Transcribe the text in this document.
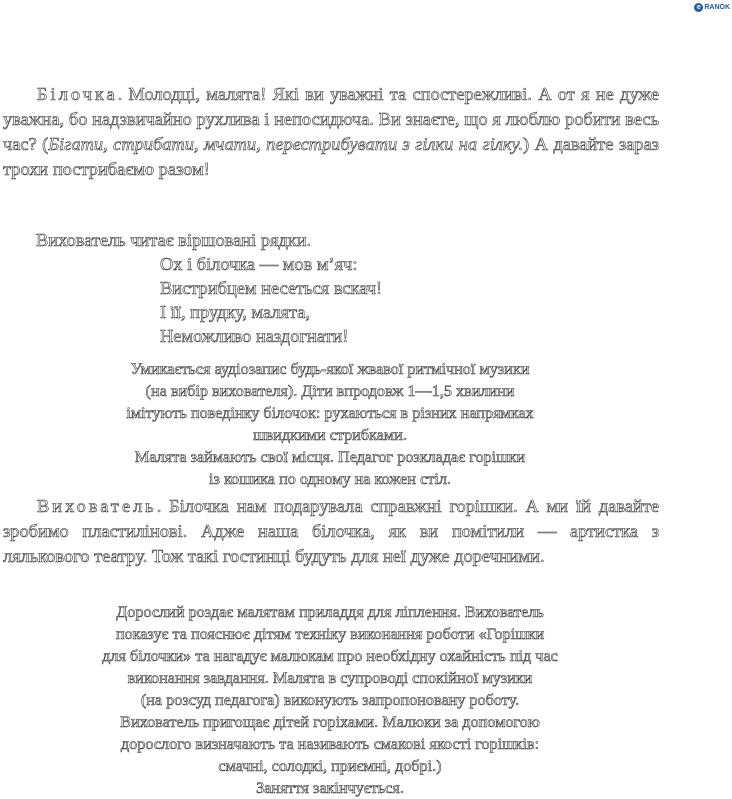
e RANOK
Білочка. Молодці, малята! Які ви уважні та спостережливі. А от я не дуже уважна, бо надзвичайно рухлива і непосидюча. Ви знаєте, що я люблю робити весь час? (Бігати, стрибати, мчати, перестрибувати з гілки на гілку.) А давайте зараз трохи пострибаємо разом!
Вихователь читає віршовані рядки.
Ох і білочка — мов м’яч:
Вистрибцем несеться вскач!
І її, прудку, малята,
Неможливо наздогнати!
Умикається аудіозапис будь-якої жвавої ритмічної музики
(на вибір вихователя). Діти впродовж 1—1,5 хвилини
імітують поведінку білочок: рухаються в різних напрямках
швидкими стрибками.
Малята займають свої місця. Педагог розкладає горішки
із кошика по одному на кожен стіл.
Вихователь. Білочка нам подарувала справжні горішки. А ми їй давайте зробимо пластилінові. Адже наша білочка, як ви помітили — артистка з лялькового театру. Тож такі гостинці будуть для неї дуже доречними.
Дорослий роздає малятам приладдя для ліплення. Вихователь
показує та пояснює дітям техніку виконання роботи «Горішки
для білочки» та нагадує малюкам про необхідну охайність під час
виконання завдання. Малята в супроводі спокійної музики
(на розсуд педагога) виконують запропоновану роботу.
Вихователь пригощає дітей горіхами. Малюки за допомогою
дорослого визначають та називають смакові якості горішків:
смачні, солодкі, приємні, добрі.)
Заняття закінчується.
